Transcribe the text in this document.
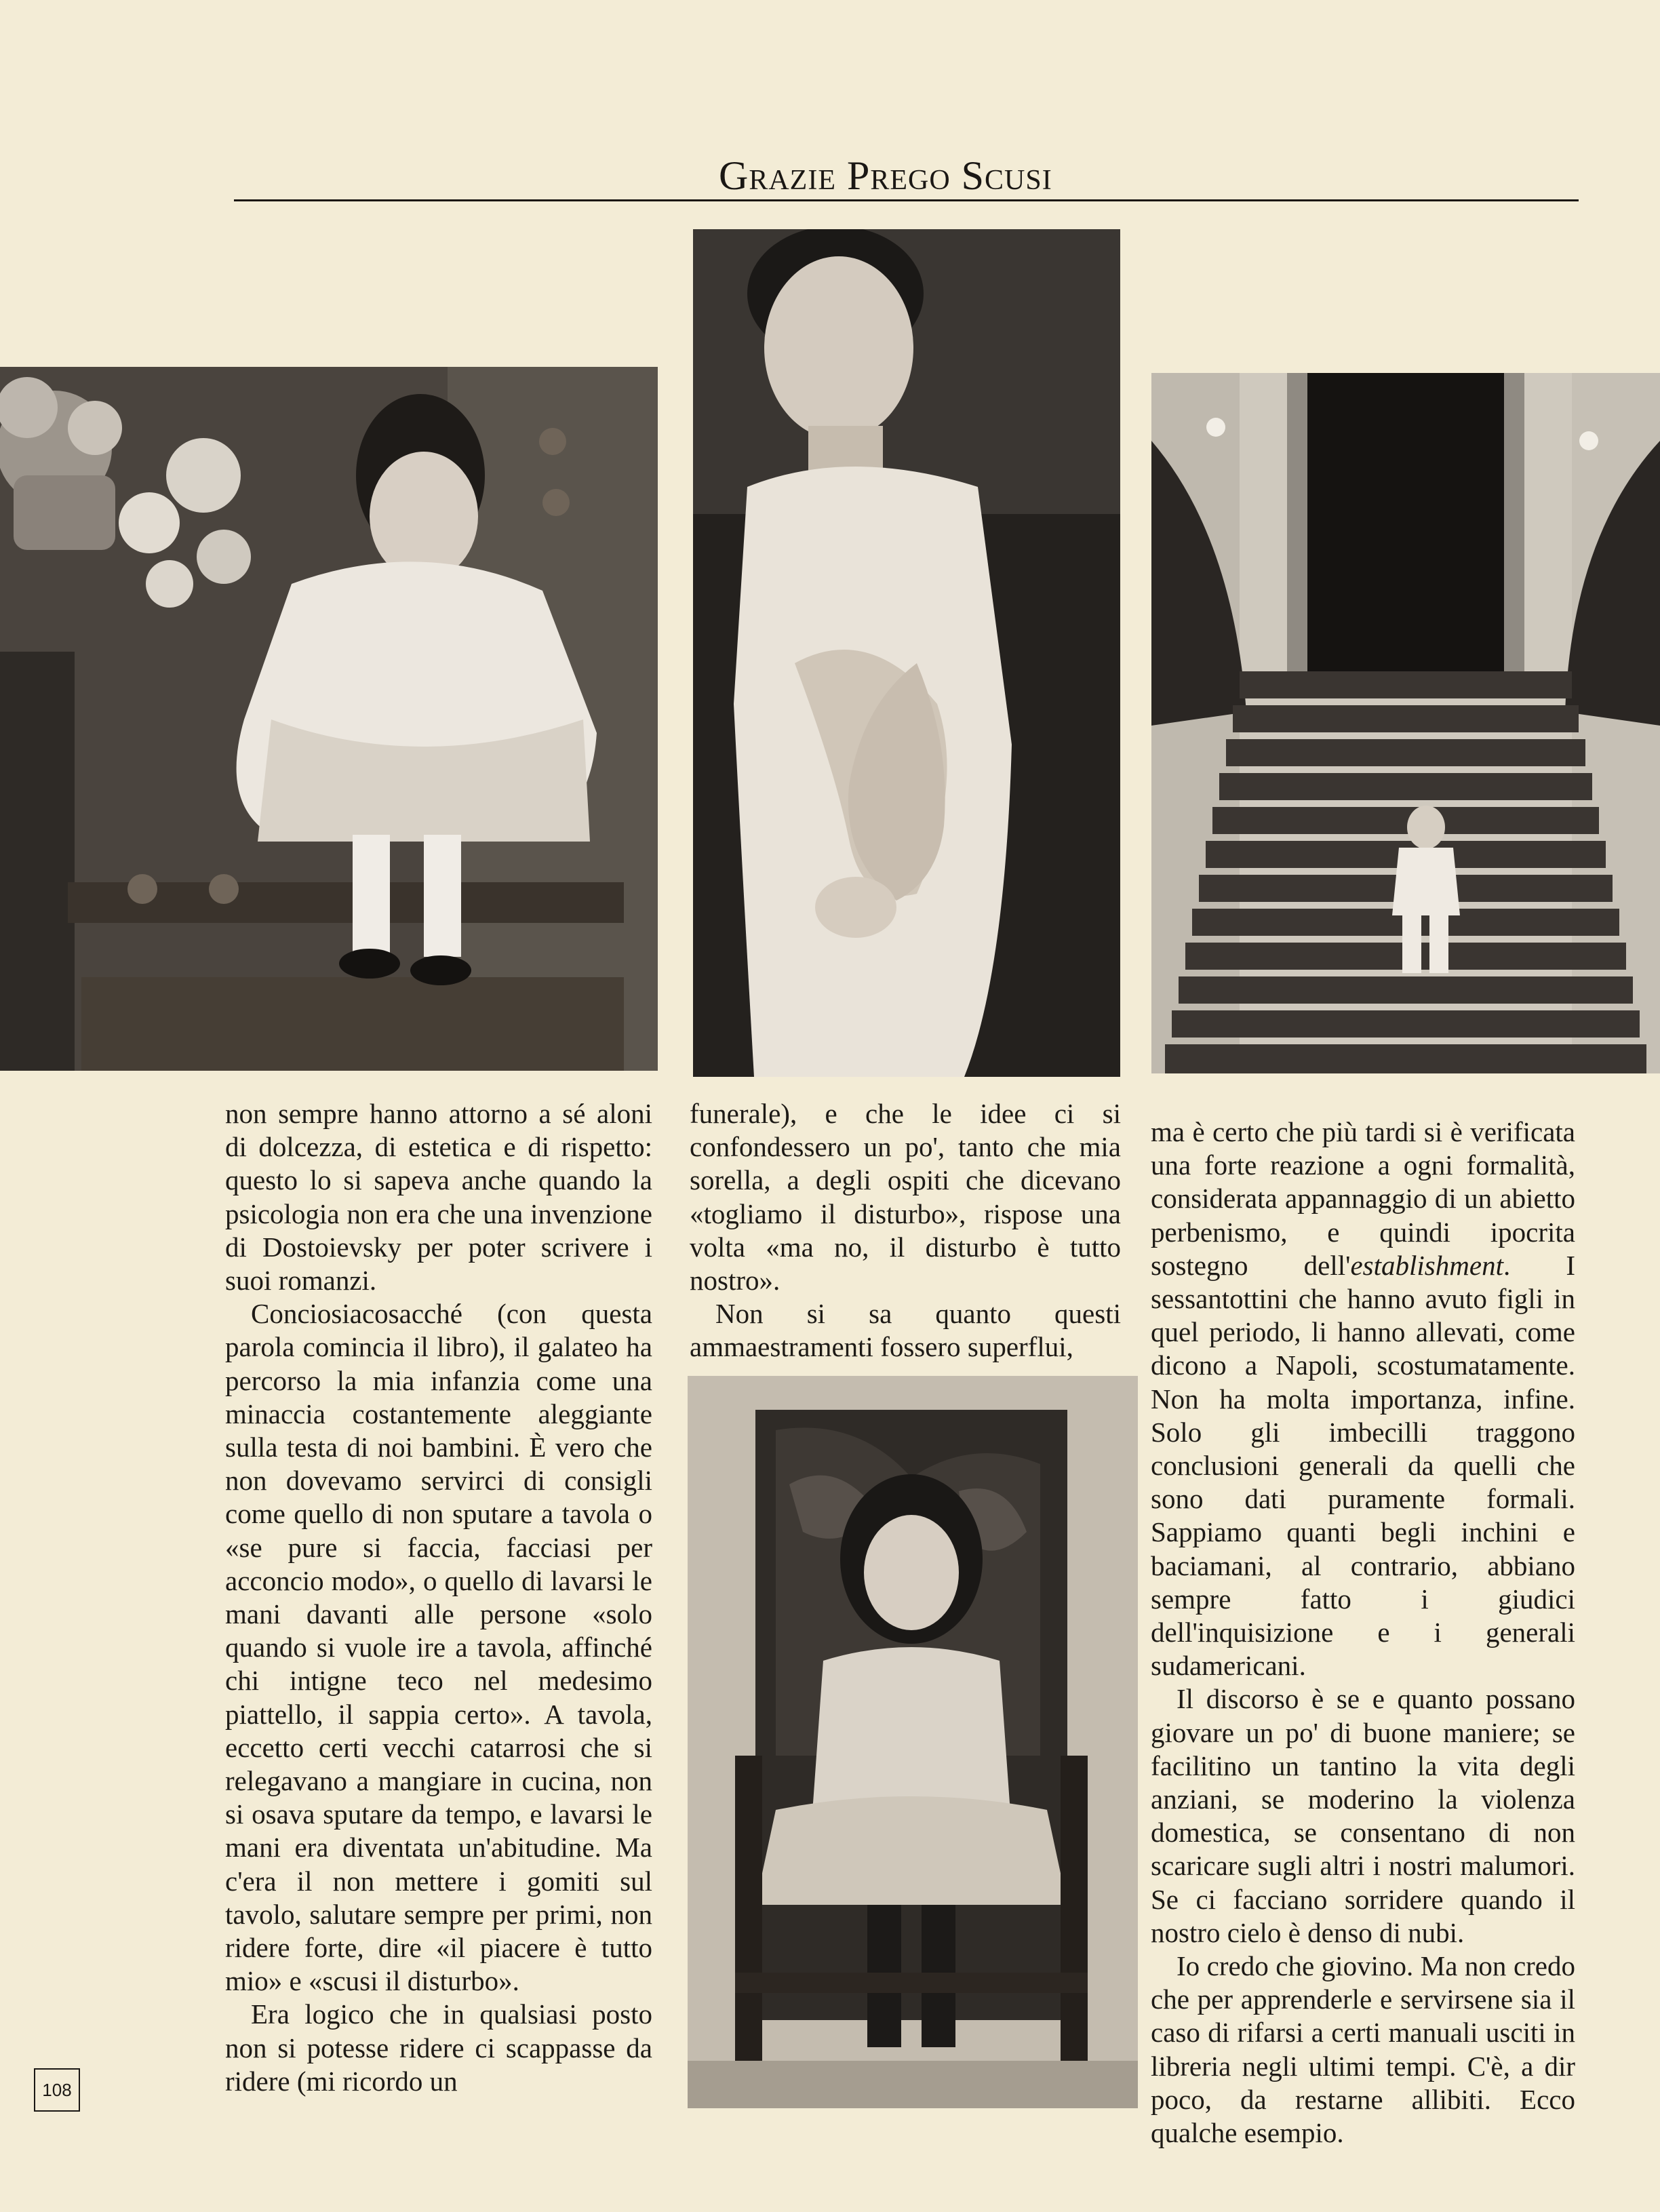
Grazie Prego Scusi

non sempre hanno attorno a sé aloni di dolcezza, di estetica e di rispetto: questo lo si sapeva anche quando la psicologia non era che una invenzione di Dostoievsky per poter scrivere i suoi romanzi.

Conciosiacosacché (con questa parola comincia il libro), il galateo ha percorso la mia infanzia come una minaccia costantemente aleggiante sulla testa di noi bambini. È vero che non dovevamo servirci di consigli come quello di non sputare a tavola o «se pure si faccia, facciasi per acconcio modo», o quello di lavarsi le mani davanti alle persone «solo quando si vuole ire a tavola, affinché chi intigne teco nel medesimo piattello, il sappia certo». A tavola, eccetto certi vecchi catarrosi che si relegavano a mangiare in cucina, non si osava sputare da tempo, e lavarsi le mani era diventata un'abitudine. Ma c'era il non mettere i gomiti sul tavolo, salutare sempre per primi, non ridere forte, dire «il piacere è tutto mio» e «scusi il disturbo».

Era logico che in qualsiasi posto non si potesse ridere ci scappasse da ridere (mi ricordo un

funerale), e che le idee ci si confondessero un po', tanto che mia sorella, a degli ospiti che dicevano «togliamo il disturbo», rispose una volta «ma no, il disturbo è tutto nostro».

Non si sa quanto questi ammaestramenti fossero superflui,

ma è certo che più tardi si è verificata una forte reazione a ogni formalità, considerata appannaggio di un abietto perbenismo, e quindi ipocrita sostegno dell'establishment. I sessantottini che hanno avuto figli in quel periodo, li hanno allevati, come dicono a Napoli, scostumatamente. Non ha molta importanza, infine. Solo gli imbecilli traggono conclusioni generali da quelli che sono dati puramente formali. Sappiamo quanti begli inchini e baciamani, al contrario, abbiano sempre fatto i giudici dell'inquisizione e i generali sudamericani.

Il discorso è se e quanto possano giovare un po' di buone maniere; se facilitino un tantino la vita degli anziani, se moderino la violenza domestica, se consentano di non scaricare sugli altri i nostri malumori. Se ci facciano sorridere quando il nostro cielo è denso di nubi.

Io credo che giovino. Ma non credo che per apprenderle e servirsene sia il caso di rifarsi a certi manuali usciti in libreria negli ultimi tempi. C'è, a dir poco, da restarne allibiti. Ecco qualche esempio.

108
